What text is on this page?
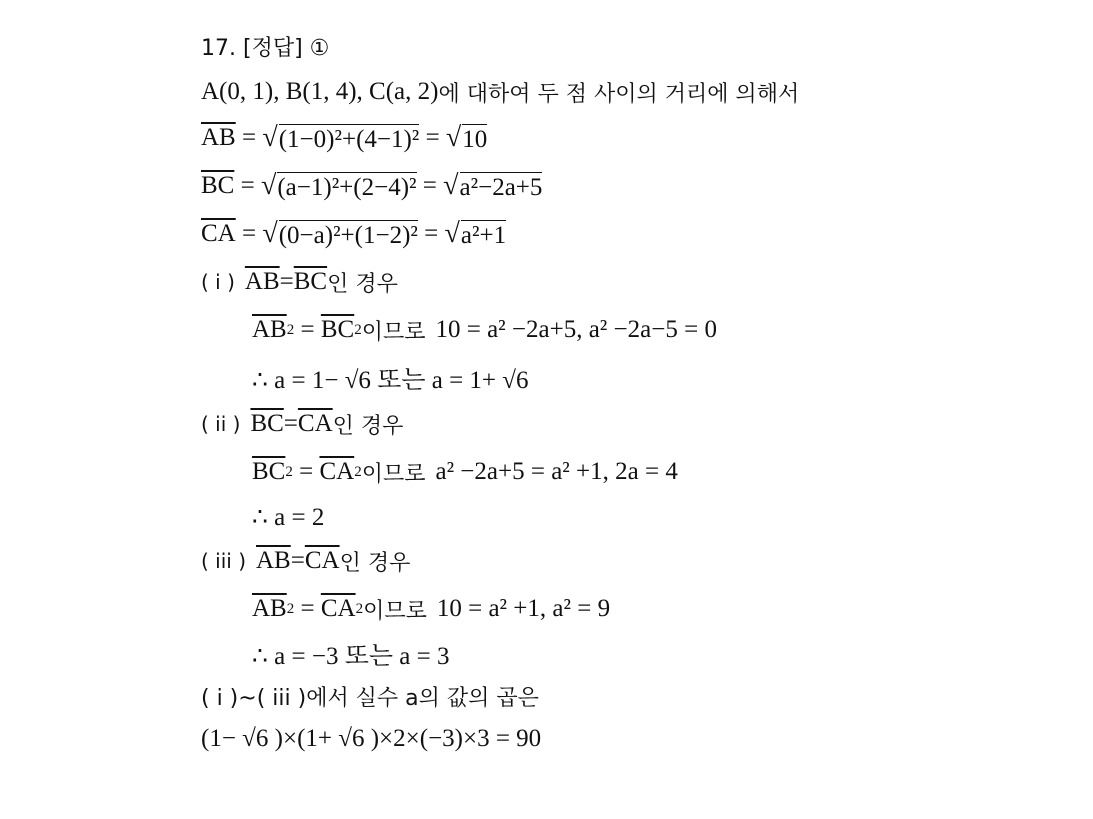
17. [정답] ①
A(0, 1), B(1, 4), C(a, 2) 에 대하여 두 점 사이의 거리에 의해서
$\overline{AB}$ = √ (1−0)²+(4−1)² = √ 10
$\overline{BC}$ = √ (a−1)²+(2−4)² = √ a²−2a+5
$\overline{CA}$ = √ (0−a)²+(1−2)² = √ a²+1
( i ) $\overline{AB} = \overline{BC}$ 인 경우
$\overline{AB}$ $2 = \overline{BC}$ 2 이므로 10 = a² −2a+5, a² −2a−5 = 0
∴ a = 1− √6 또는 a = 1+ √6
( ii ) $\overline{BC} = \overline{CA}$ 인 경우
$\overline{BC}$ $2 = \overline{CA}$ 2 이므로 a² −2a+5 = a² +1, 2a = 4
∴ a = 2
( iii ) $\overline{AB} = \overline{CA}$ 인 경우
$\overline{AB}$ $2 = \overline{CA}$ 2 이므로 10 = a² +1, a² = 9
∴ a = −3 또는 a = 3
( i )~( iii )에서 실수 a의 값의 곱은
(1− √6 )×(1+ √6 )×2×(−3)×3 = 90
